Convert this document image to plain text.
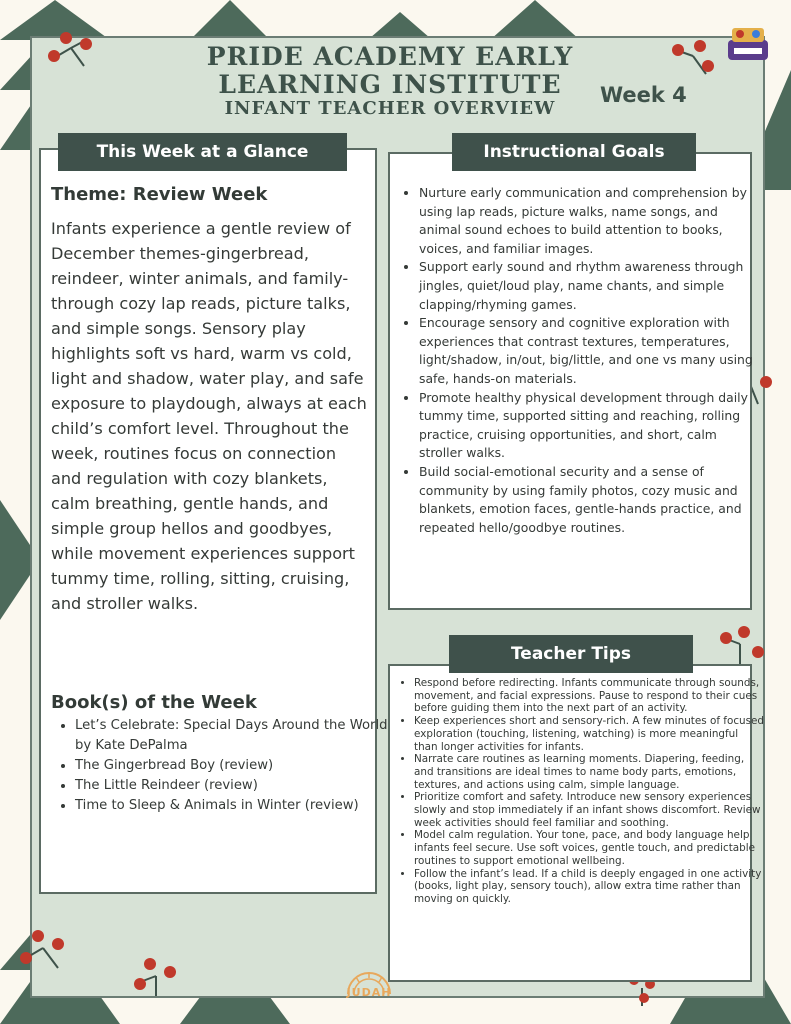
PRIDE ACADEMY EARLY
LEARNING INSTITUTE
INFANT TEACHER OVERVIEW
Week 4
This Week at a Glance
Theme: Review Week
Infants experience a gentle review of December themes-gingerbread, reindeer, winter animals, and family-through cozy lap reads, picture talks, and simple songs. Sensory play highlights soft vs hard, warm vs cold, light and shadow, water play, and safe exposure to playdough, always at each child’s comfort level. Throughout the week, routines focus on connection and regulation with cozy blankets, calm breathing, gentle hands, and simple group hellos and goodbyes, while movement experiences support tummy time, rolling, sitting, cruising, and stroller walks.
Book(s) of the Week
• Let’s Celebrate: Special Days Around the World by Kate DePalma
• The Gingerbread Boy (review)
• The Little Reindeer (review)
• Time to Sleep & Animals in Winter (review)
Instructional Goals
• Nurture early communication and comprehension by using lap reads, picture walks, name songs, and animal sound echoes to build attention to books, voices, and familiar images.
• Support early sound and rhythm awareness through jingles, quiet/loud play, name chants, and simple clapping/rhyming games.
• Encourage sensory and cognitive exploration with experiences that contrast textures, temperatures, light/shadow, in/out, big/little, and one vs many using safe, hands-on materials.
• Promote healthy physical development through daily tummy time, supported sitting and reaching, rolling practice, cruising opportunities, and short, calm stroller walks.
• Build social-emotional security and a sense of community by using family photos, cozy music and blankets, emotion faces, gentle-hands practice, and repeated hello/goodbye routines.
Teacher Tips
• Respond before redirecting. Infants communicate through sounds, movement, and facial expressions. Pause to respond to their cues before guiding them into the next part of an activity.
• Keep experiences short and sensory-rich. A few minutes of focused exploration (touching, listening, watching) is more meaningful than longer activities for infants.
• Narrate care routines as learning moments. Diapering, feeding, and transitions are ideal times to name body parts, emotions, textures, and actions using calm, simple language.
• Prioritize comfort and safety. Introduce new sensory experiences slowly and stop immediately if an infant shows discomfort. Review week activities should feel familiar and soothing.
• Model calm regulation. Your tone, pace, and body language help infants feel secure. Use soft voices, gentle touch, and predictable routines to support emotional wellbeing.
• Follow the infant’s lead. If a child is deeply engaged in one activity (books, light play, sensory touch), allow extra time rather than moving on quickly.
JUDAH
